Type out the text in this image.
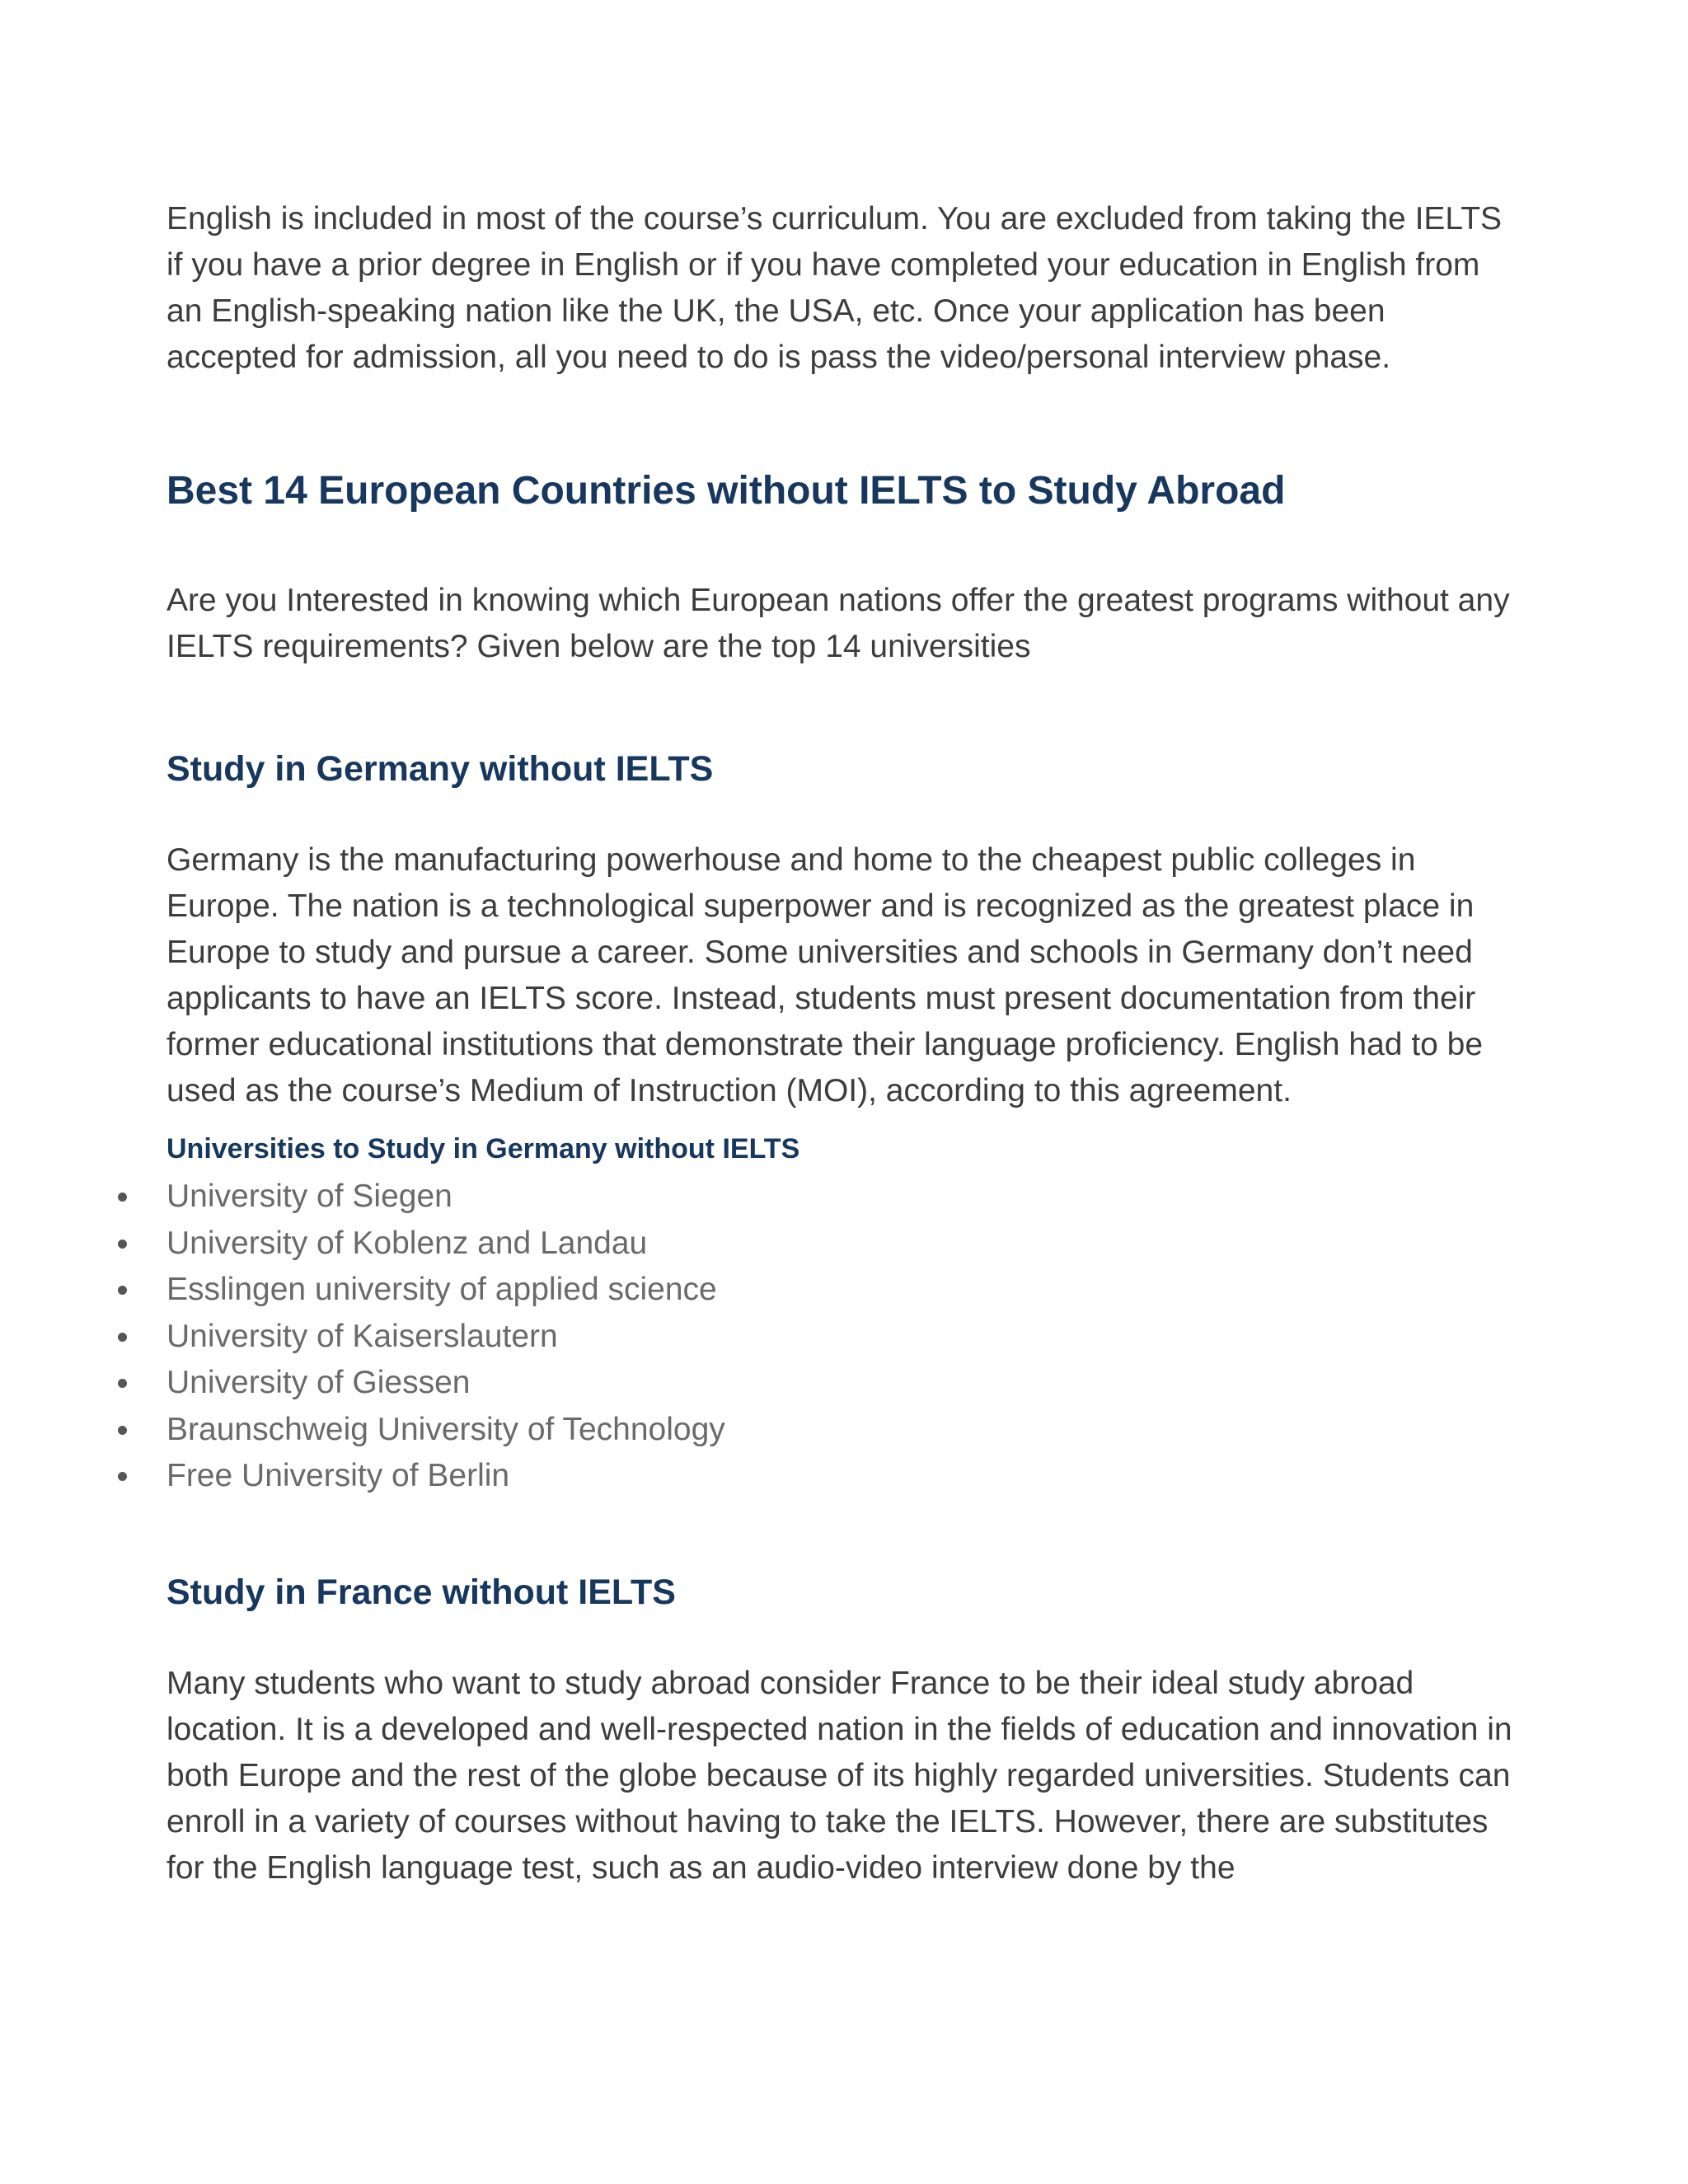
English is included in most of the course’s curriculum. You are excluded from taking the IELTS if you have a prior degree in English or if you have completed your education in English from an English-speaking nation like the UK, the USA, etc. Once your application has been accepted for admission, all you need to do is pass the video/personal interview phase.

Best 14 European Countries without IELTS to Study Abroad

Are you Interested in knowing which European nations offer the greatest programs without any IELTS requirements? Given below are the top 14 universities

Study in Germany without IELTS

Germany is the manufacturing powerhouse and home to the cheapest public colleges in Europe. The nation is a technological superpower and is recognized as the greatest place in Europe to study and pursue a career. Some universities and schools in Germany don’t need applicants to have an IELTS score. Instead, students must present documentation from their former educational institutions that demonstrate their language proficiency. English had to be used as the course’s Medium of Instruction (MOI), according to this agreement.

Universities to Study in Germany without IELTS
University of Siegen
University of Koblenz and Landau
Esslingen university of applied science
University of Kaiserslautern
University of Giessen
Braunschweig University of Technology
Free University of Berlin
Study in France without IELTS

Many students who want to study abroad consider France to be their ideal study abroad location. It is a developed and well-respected nation in the fields of education and innovation in both Europe and the rest of the globe because of its highly regarded universities. Students can enroll in a variety of courses without having to take the IELTS. However, there are substitutes for the English language test, such as an audio-video interview done by the
